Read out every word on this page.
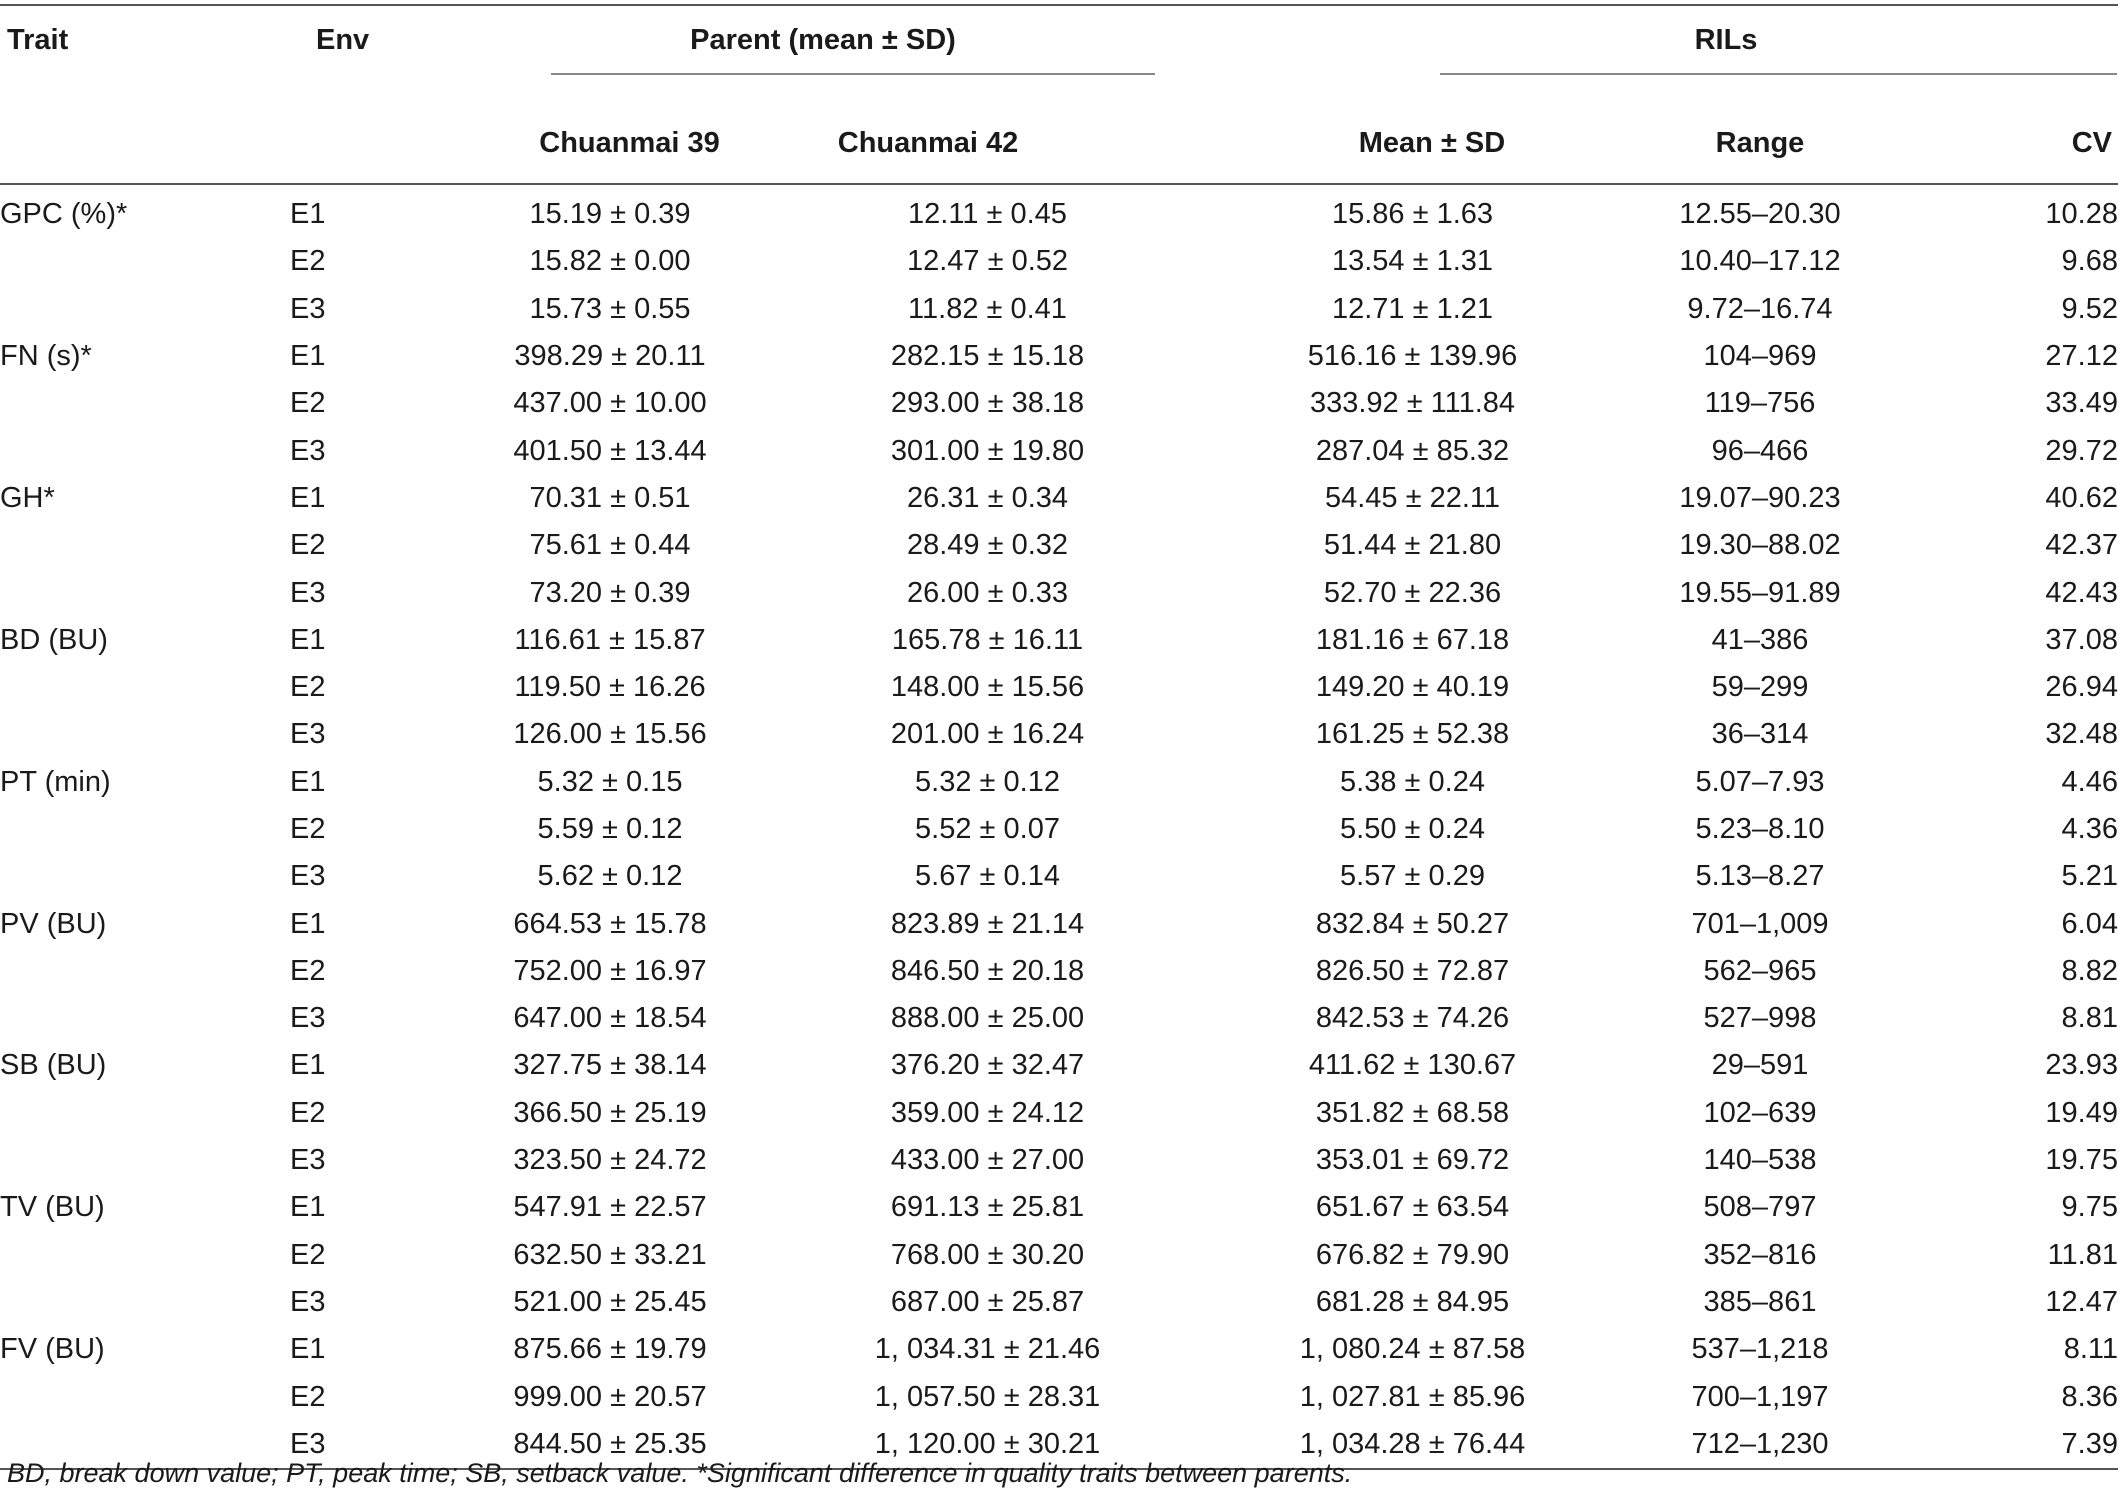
Trait	Env	Parent (mean ± SD)		RILs		

		Chuanmai 39	Chuanmai 42	Mean ± SD	Range	CV

GPC (%)*	E1	15.19 ± 0.39	12.11 ± 0.45	15.86 ± 1.63	12.55–20.30	10.28
	E2	15.82 ± 0.00	12.47 ± 0.52	13.54 ± 1.31	10.40–17.12	9.68
	E3	15.73 ± 0.55	11.82 ± 0.41	12.71 ± 1.21	9.72–16.74	9.52
FN (s)*	E1	398.29 ± 20.11	282.15 ± 15.18	516.16 ± 139.96	104–969	27.12
	E2	437.00 ± 10.00	293.00 ± 38.18	333.92 ± 111.84	119–756	33.49
	E3	401.50 ± 13.44	301.00 ± 19.80	287.04 ± 85.32	96–466	29.72
GH*	E1	70.31 ± 0.51	26.31 ± 0.34	54.45 ± 22.11	19.07–90.23	40.62
	E2	75.61 ± 0.44	28.49 ± 0.32	51.44 ± 21.80	19.30–88.02	42.37
	E3	73.20 ± 0.39	26.00 ± 0.33	52.70 ± 22.36	19.55–91.89	42.43
BD (BU)	E1	116.61 ± 15.87	165.78 ± 16.11	181.16 ± 67.18	41–386	37.08
	E2	119.50 ± 16.26	148.00 ± 15.56	149.20 ± 40.19	59–299	26.94
	E3	126.00 ± 15.56	201.00 ± 16.24	161.25 ± 52.38	36–314	32.48
PT (min)	E1	5.32 ± 0.15	5.32 ± 0.12	5.38 ± 0.24	5.07–7.93	4.46
	E2	5.59 ± 0.12	5.52 ± 0.07	5.50 ± 0.24	5.23–8.10	4.36
	E3	5.62 ± 0.12	5.67 ± 0.14	5.57 ± 0.29	5.13–8.27	5.21
PV (BU)	E1	664.53 ± 15.78	823.89 ± 21.14	832.84 ± 50.27	701–1,009	6.04
	E2	752.00 ± 16.97	846.50 ± 20.18	826.50 ± 72.87	562–965	8.82
	E3	647.00 ± 18.54	888.00 ± 25.00	842.53 ± 74.26	527–998	8.81
SB (BU)	E1	327.75 ± 38.14	376.20 ± 32.47	411.62 ± 130.67	29–591	23.93
	E2	366.50 ± 25.19	359.00 ± 24.12	351.82 ± 68.58	102–639	19.49
	E3	323.50 ± 24.72	433.00 ± 27.00	353.01 ± 69.72	140–538	19.75
TV (BU)	E1	547.91 ± 22.57	691.13 ± 25.81	651.67 ± 63.54	508–797	9.75
	E2	632.50 ± 33.21	768.00 ± 30.20	676.82 ± 79.90	352–816	11.81
	E3	521.00 ± 25.45	687.00 ± 25.87	681.28 ± 84.95	385–861	12.47
FV (BU)	E1	875.66 ± 19.79	1, 034.31 ± 21.46	1, 080.24 ± 87.58	537–1,218	8.11
	E2	999.00 ± 20.57	1, 057.50 ± 28.31	1, 027.81 ± 85.96	700–1,197	8.36
	E3	844.50 ± 25.35	1, 120.00 ± 30.21	1, 034.28 ± 76.44	712–1,230	7.39

BD, break down value; PT, peak time; SB, setback value. *Significant difference in quality traits between parents.
